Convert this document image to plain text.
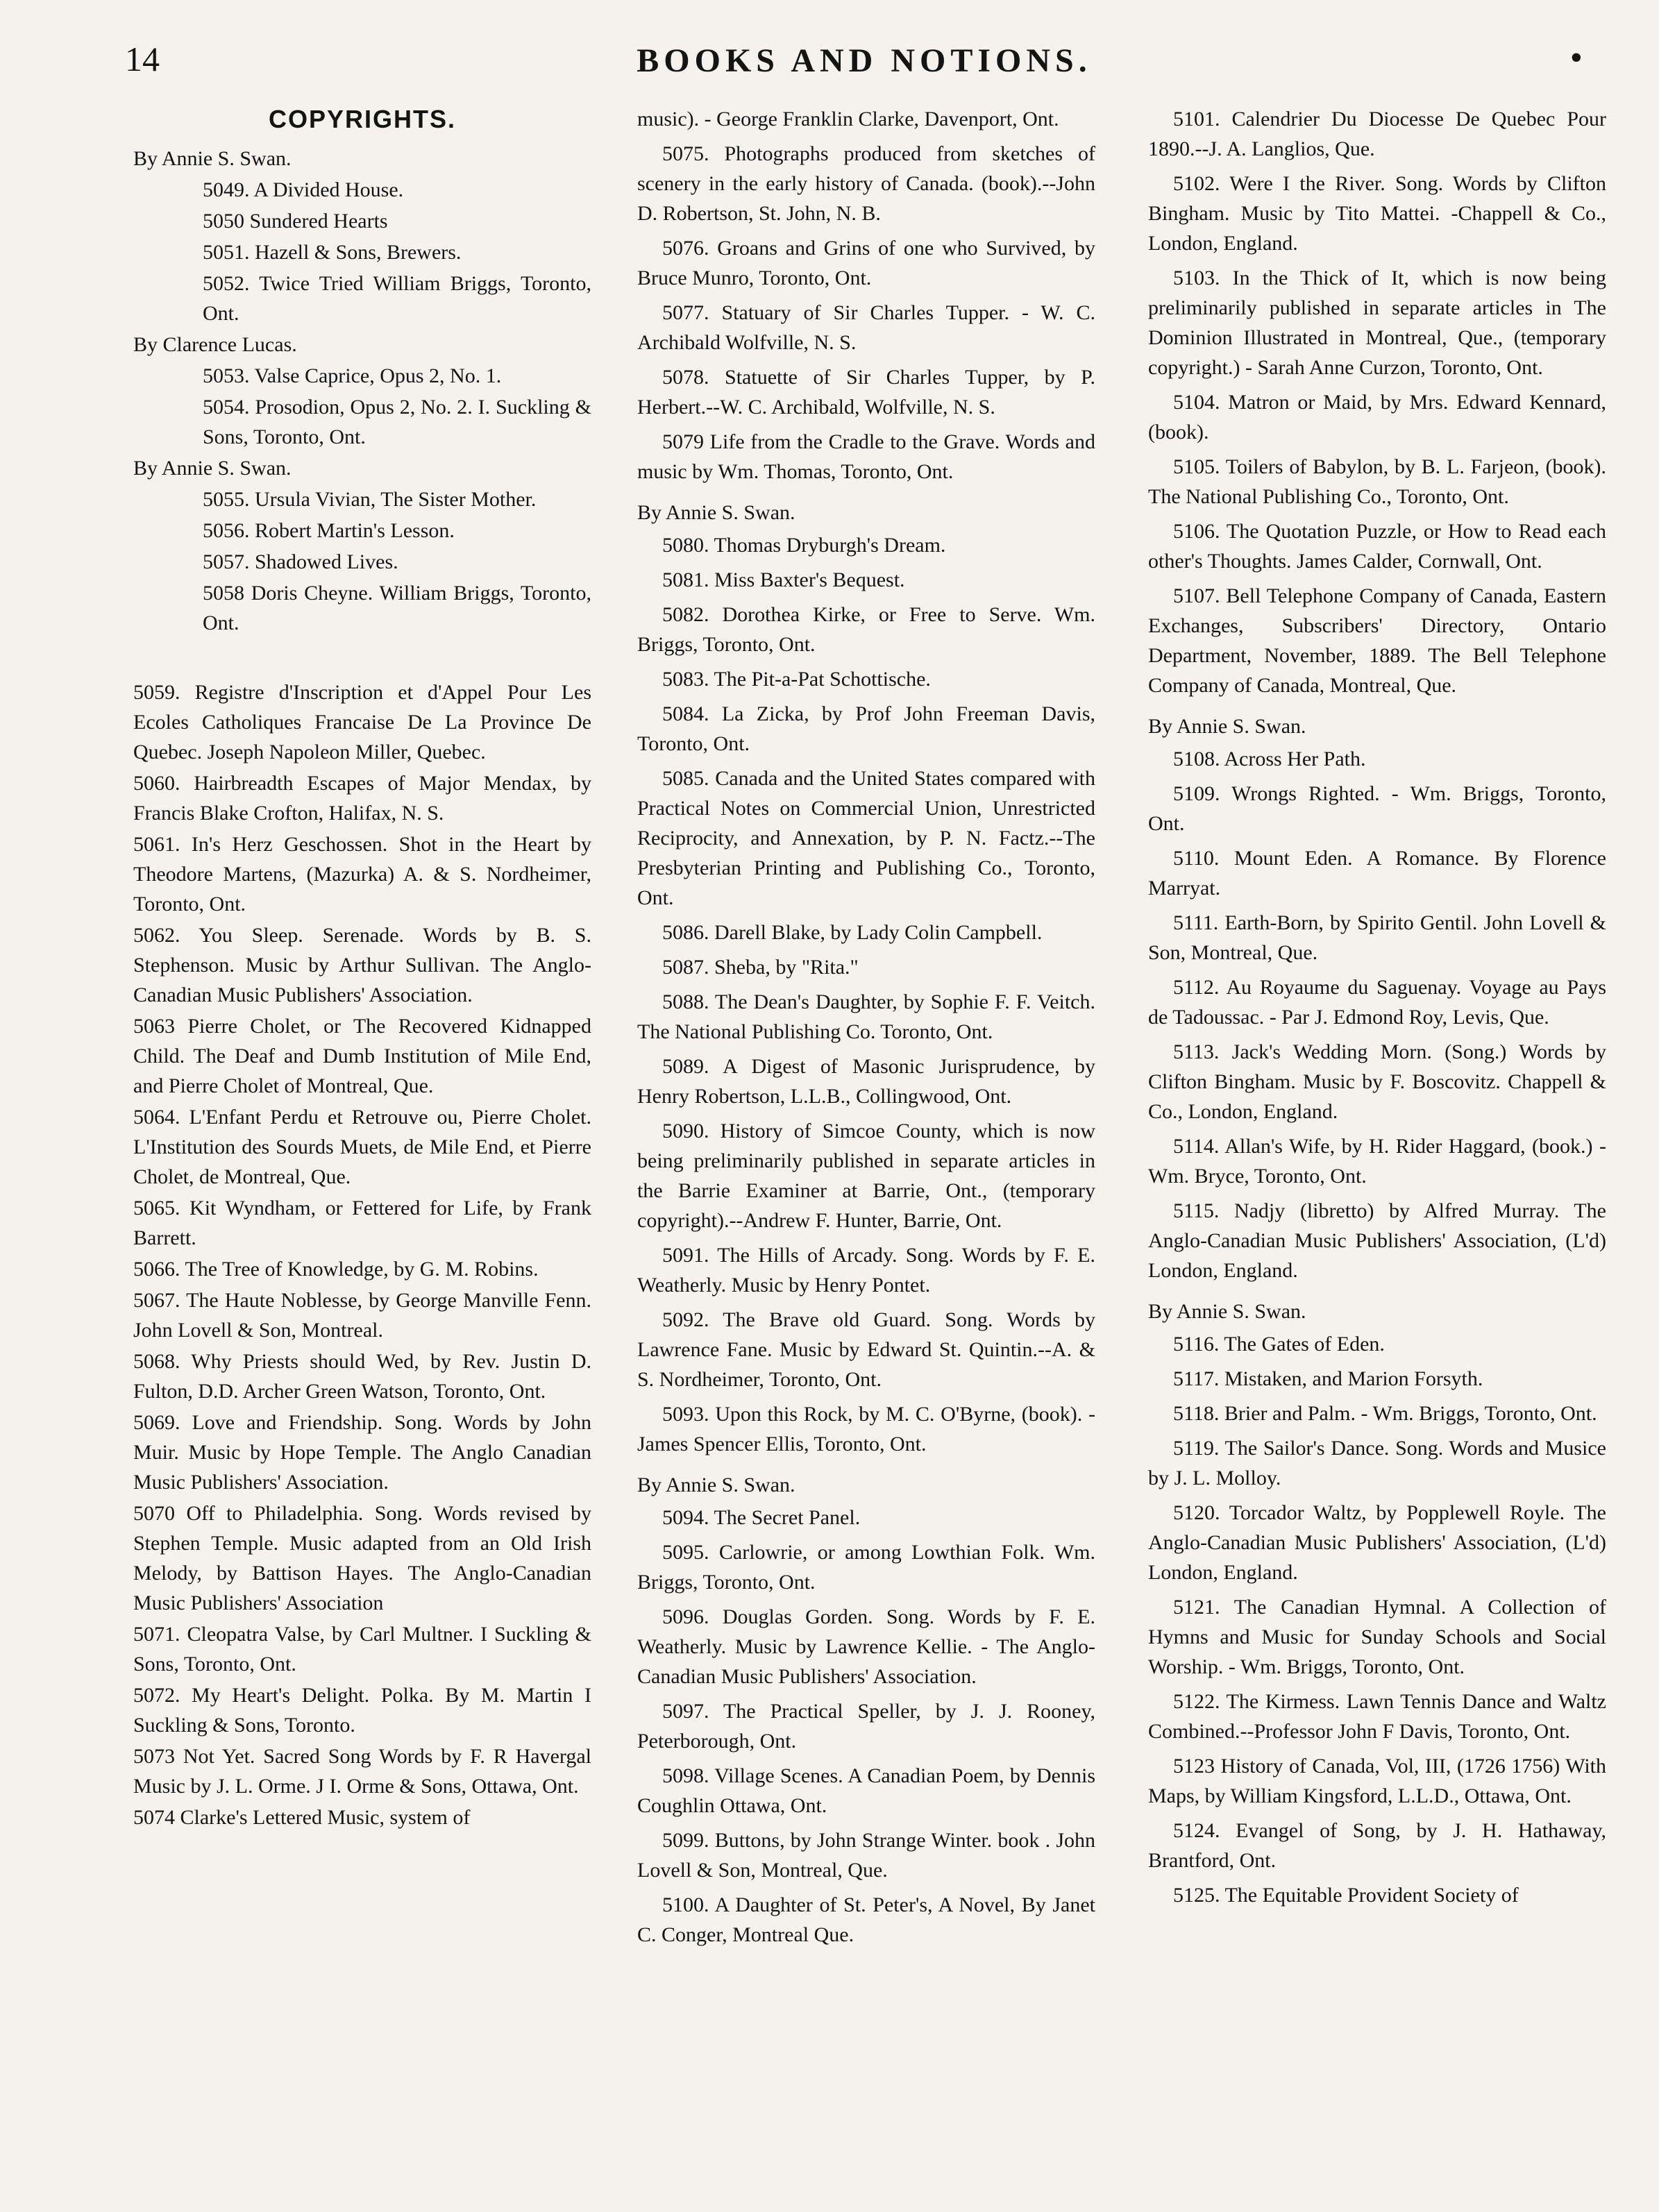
14	BOOKS AND NOTIONS.	•
COPYRIGHTS.
By Annie S. Swan.
5049. A Divided House.
5050 Sundered Hearts
5051. Hazell & Sons, Brewers.
5052. Twice Tried William Briggs, Toronto, Ont.
By Clarence Lucas.
5053. Valse Caprice, Opus 2, No. 1.
5054. Prosodion, Opus 2, No. 2. I. Suckling & Sons, Toronto, Ont.
By Annie S. Swan.
5055. Ursula Vivian, The Sister Mother.
5056. Robert Martin's Lesson.
5057. Shadowed Lives.
5058 Doris Cheyne. William Briggs, Toronto, Ont.
5059. Registre d'Inscription et d'Appel Pour Les Ecoles Catholiques Francaise De La Province De Quebec. Joseph Napoleon Miller, Quebec.
5060. Hairbreadth Escapes of Major Mendax, by Francis Blake Crofton, Halifax, N. S.
5061. In's Herz Geschossen. Shot in the Heart by Theodore Martens, (Mazurka) A. & S. Nordheimer, Toronto, Ont.
5062. You Sleep. Serenade. Words by B. S. Stephenson. Music by Arthur Sullivan. The Anglo-Canadian Music Publishers' Association.
5063 Pierre Cholet, or The Recovered Kidnapped Child. The Deaf and Dumb Institution of Mile End, and Pierre Cholet of Montreal, Que.
5064. L'Enfant Perdu et Retrouve ou, Pierre Cholet. L'Institution des Sourds Muets, de Mile End, et Pierre Cholet, de Montreal, Que.
5065. Kit Wyndham, or Fettered for Life, by Frank Barrett.
5066. The Tree of Knowledge, by G. M. Robins.
5067. The Haute Noblesse, by George Manville Fenn. John Lovell & Son, Montreal.
5068. Why Priests should Wed, by Rev. Justin D. Fulton, D.D. Archer Green Watson, Toronto, Ont.
5069. Love and Friendship. Song. Words by John Muir. Music by Hope Temple. The Anglo Canadian Music Publishers' Association.
5070 Off to Philadelphia. Song. Words revised by Stephen Temple. Music adapted from an Old Irish Melody, by Battison Hayes. The Anglo-Canadian Music Publishers' Association
5071. Cleopatra Valse, by Carl Multner. I Suckling & Sons, Toronto, Ont.
5072. My Heart's Delight. Polka. By M. Martin I Suckling & Sons, Toronto.
5073 Not Yet. Sacred Song Words by F. R Havergal Music by J. L. Orme. J I. Orme & Sons, Ottawa, Ont.
5074 Clarke's Lettered Music, system of
music). - George Franklin Clarke, Davenport, Ont.
5075. Photographs produced from sketches of scenery in the early history of Canada. (book).--John D. Robertson, St. John, N. B.
5076. Groans and Grins of one who Survived, by Bruce Munro, Toronto, Ont.
5077. Statuary of Sir Charles Tupper. - W. C. Archibald Wolfville, N. S.
5078. Statuette of Sir Charles Tupper, by P. Herbert.--W. C. Archibald, Wolfville, N. S.
5079 Life from the Cradle to the Grave. Words and music by Wm. Thomas, Toronto, Ont.
By Annie S. Swan.
5080. Thomas Dryburgh's Dream.
5081. Miss Baxter's Bequest.
5082. Dorothea Kirke, or Free to Serve. Wm. Briggs, Toronto, Ont.
5083. The Pit-a-Pat Schottische.
5084. La Zicka, by Prof John Freeman Davis, Toronto, Ont.
5085. Canada and the United States compared with Practical Notes on Commercial Union, Unrestricted Reciprocity, and Annexation, by P. N. Factz.--The Presbyterian Printing and Publishing Co., Toronto, Ont.
5086. Darell Blake, by Lady Colin Campbell.
5087. Sheba, by "Rita."
5088. The Dean's Daughter, by Sophie F. F. Veitch. The National Publishing Co. Toronto, Ont.
5089. A Digest of Masonic Jurisprudence, by Henry Robertson, L.L.B., Collingwood, Ont.
5090. History of Simcoe County, which is now being preliminarily published in separate articles in the Barrie Examiner at Barrie, Ont., (temporary copyright).--Andrew F. Hunter, Barrie, Ont.
5091. The Hills of Arcady. Song. Words by F. E. Weatherly. Music by Henry Pontet.
5092. The Brave old Guard. Song. Words by Lawrence Fane. Music by Edward St. Quintin.--A. & S. Nordheimer, Toronto, Ont.
5093. Upon this Rock, by M. C. O'Byrne, (book). - James Spencer Ellis, Toronto, Ont.
By Annie S. Swan.
5094. The Secret Panel.
5095. Carlowrie, or among Lowthian Folk. Wm. Briggs, Toronto, Ont.
5096. Douglas Gorden. Song. Words by F. E. Weatherly. Music by Lawrence Kellie. - The Anglo-Canadian Music Publishers' Association.
5097. The Practical Speller, by J. J. Rooney, Peterborough, Ont.
5098. Village Scenes. A Canadian Poem, by Dennis Coughlin Ottawa, Ont.
5099. Buttons, by John Strange Winter. book . John Lovell & Son, Montreal, Que.
5100. A Daughter of St. Peter's, A Novel, By Janet C. Conger, Montreal Que.
5101. Calendrier Du Diocesse De Quebec Pour 1890.--J. A. Langlios, Que.
5102. Were I the River. Song. Words by Clifton Bingham. Music by Tito Mattei. -Chappell & Co., London, England.
5103. In the Thick of It, which is now being preliminarily published in separate articles in The Dominion Illustrated in Montreal, Que., (temporary copyright.) - Sarah Anne Curzon, Toronto, Ont.
5104. Matron or Maid, by Mrs. Edward Kennard, (book).
5105. Toilers of Babylon, by B. L. Farjeon, (book). The National Publishing Co., Toronto, Ont.
5106. The Quotation Puzzle, or How to Read each other's Thoughts. James Calder, Cornwall, Ont.
5107. Bell Telephone Company of Canada, Eastern Exchanges, Subscribers' Directory, Ontario Department, November, 1889. The Bell Telephone Company of Canada, Montreal, Que.
By Annie S. Swan.
5108. Across Her Path.
5109. Wrongs Righted. - Wm. Briggs, Toronto, Ont.
5110. Mount Eden. A Romance. By Florence Marryat.
5111. Earth-Born, by Spirito Gentil. John Lovell & Son, Montreal, Que.
5112. Au Royaume du Saguenay. Voyage au Pays de Tadoussac. - Par J. Edmond Roy, Levis, Que.
5113. Jack's Wedding Morn. (Song.) Words by Clifton Bingham. Music by F. Boscovitz. Chappell & Co., London, England.
5114. Allan's Wife, by H. Rider Haggard, (book.) - Wm. Bryce, Toronto, Ont.
5115. Nadjy (libretto) by Alfred Murray. The Anglo-Canadian Music Publishers' Association, (L'd) London, England.
By Annie S. Swan.
5116. The Gates of Eden.
5117. Mistaken, and Marion Forsyth.
5118. Brier and Palm. - Wm. Briggs, Toronto, Ont.
5119. The Sailor's Dance. Song. Words and Musice by J. L. Molloy.
5120. Torcador Waltz, by Popplewell Royle. The Anglo-Canadian Music Publishers' Association, (L'd) London, England.
5121. The Canadian Hymnal. A Collection of Hymns and Music for Sunday Schools and Social Worship. - Wm. Briggs, Toronto, Ont.
5122. The Kirmess. Lawn Tennis Dance and Waltz Combined.--Professor John F Davis, Toronto, Ont.
5123 History of Canada, Vol, III, (1726 1756) With Maps, by William Kingsford, L.L.D., Ottawa, Ont.
5124. Evangel of Song, by J. H. Hathaway, Brantford, Ont.
5125. The Equitable Provident Society of
